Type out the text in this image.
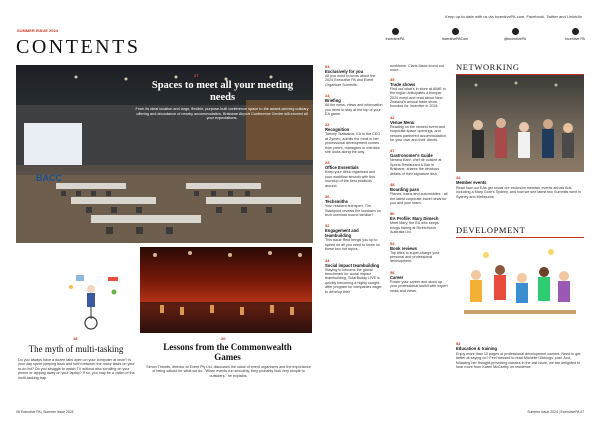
SUMMER ISSUE 2024
CONTENTS
Keep up-to-date with us via incentivePA.com, Facebook, Twitter and LinkedIn
IncentivePA	IncentivePACom	@incentivePA	Incentive PA
BACC
27
Spaces to meet all your meeting needs
From its ideal location and large, flexible, purpose-built conference space to the award-winning culinary offering and abundance of nearby accommodation, Brisbane Airport Conference Centre will exceed all your expectations.
18
The myth of multi-tasking
Do you always have a dozen tabs open on your computer at once? Is your day spent jumping back and forth between the many tasks on your to-do list? Do you struggle to watch TV without also scrolling on your phone or tapping away on your laptop? If so, you may be a victim of the multi-tasking trap.
20
Lessons from the Commonwealth Games
Simon Thewlis, director at Event Pty Ltd, discusses the value of event organisers and the importance of being valued for what we do. "When events run smoothly, they probably look very simple to outsiders," he explains.
04
Exclusively for you
All you need to know about the 2024 Executive PA and Event Organiser Summits.
14
Briefing
All the news, views and information you need to stay at the top of your EA game.
22
Recognition
Tammy Tsatsakos, EA to the CEO at Zymeo, admits the most in her professional development comes from peers, managers or mentors she looks along the way.
24
Office Essentials
Keep your desk organised and your workflow smooth with this roundup of the best products around.
26
Techsmiths
Your resident techspert, Tim Stackpool reveals the lowdown on tech overload bound familiar?
32
Engagement and teambuilding
This issue Reid brings you up to speed on all you need to know on these two hot topics.
34
Social impact teambuilding
Staying to become the global benchmark for social impact teambuilding, SolarBuddy LIVE is quickly becoming a highly sought-after program for companies eager to develop their
workforce. Claris Mace found out more...
35
Trade shows
Find out what's in store at AIME in the region anticipates a bumper 2024 event and read about New Zealand's annual trade show founded for Incentive in 2024.
42
Venue Menu
Reading on the newest event and corporate space openings, and venues partnered accommodation for your own and their clients.
47
Gastronomer's Guide
Nerana Bahr, chef de cuisine at Sports Restaurant & Bar in Brisbane, shares the delicious details of their signature dish.
48
Boarding pass
Planes, trains and automobiles - all the latest corporate travel news for you and your team.
50
EA Profile: Mary Dimech
Meet Mary, the EA who keeps things ticking at Riverchurch Australia Ltd.
54
Book reviews
Top titles to super-charge your personal and professional development.
56
Career
Power your career and stock up your professional toolkit with expert news and views.
NETWORKING
44
Member events
Read how our EAs got social our exclusive member events across Aus, including a Mary Gore's Sydney, and how we see latest two Summits went in Sydney and Melbourne.
DEVELOPMENT
52
Education & training
Enjoy more than 10 pages of professional development content. Need to get better at saying no? Feel blessed to read Michelle Gibbings' post. And, following her thought-provoking classes in the last issue, we are delighted to hear more from Karen McCarthy on resilience.
06 Executive PA | Summer Issue 2024	Summer Issue 2024 | ExecutivePA 07
